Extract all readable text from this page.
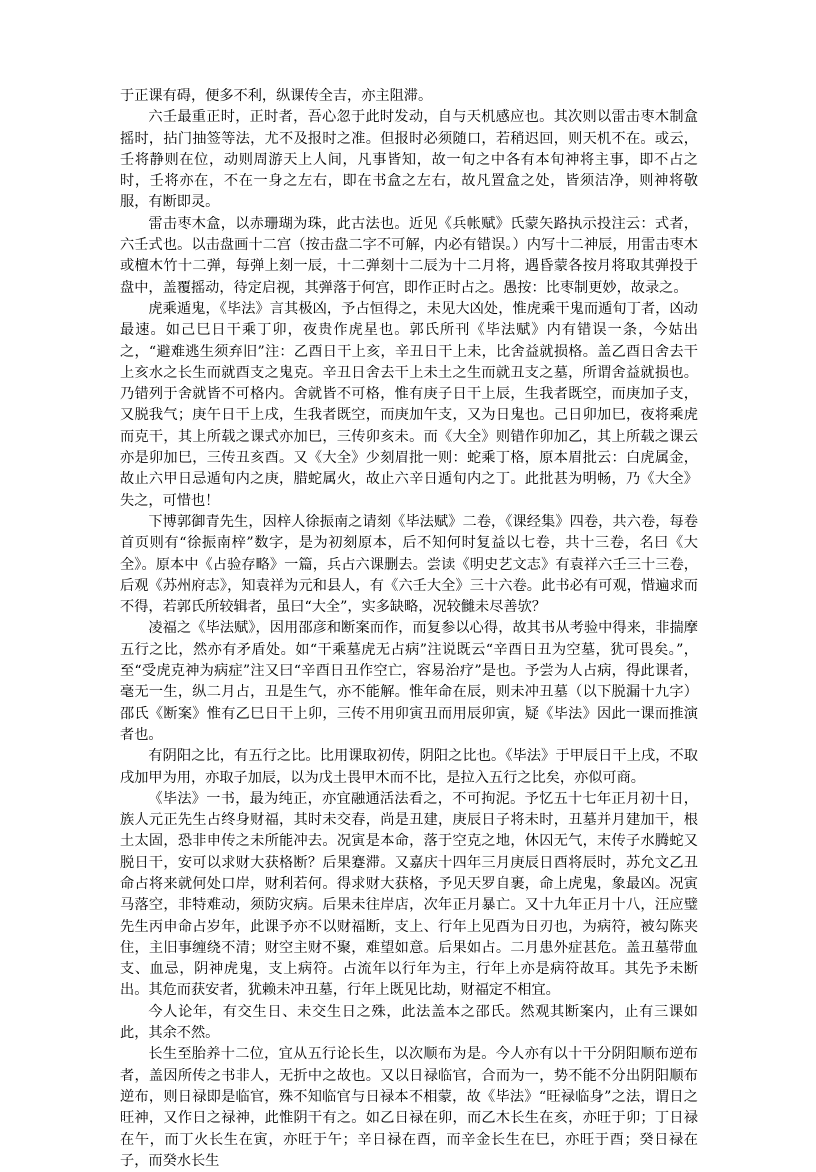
于正课有碍，便多不利，纵课传全吉，亦主阻滞。

六壬最重正时，正时者，吾心忽于此时发动，自与天机感应也。其次则以雷击枣木制盒摇时，拈门抽签等法，尤不及报时之准。但报时必须随口，若稍迟回，则天机不在。或云，壬将静则在位，动则周游天上人间，凡事皆知，故一旬之中各有本旬神将主事，即不占之时，壬将亦在，不在一身之左右，即在书盒之左右，故凡置盒之处，皆须洁净，则神将敬服，有断即灵。

雷击枣木盒，以赤珊瑚为珠，此古法也。近见《兵帐赋》氏蒙矢路执示投注云：式者，六壬式也。以击盘画十二宫（按击盘二字不可解，内必有错误。）内写十二神辰，用雷击枣木或檀木竹十二弹，每弹上刻一辰，十二弹刻十二辰为十二月将，遇昏蒙各按月将取其弹投于盘中，盖覆摇动，待定启视，其弹落于何宫，即作正时占之。愚按：比枣制更妙，故录之。

虎乘遁鬼，《毕法》言其极凶，予占恒得之，未见大凶处，惟虎乘干鬼而遁旬丁者，凶动最速。如己巳日干乘丁卯，夜贵作虎星也。郭氏所刊《毕法赋》内有错误一条，今姑出之，“避难逃生须弃旧”注：乙酉日干上亥，辛丑日干上未，比舍益就损格。盖乙酉日舍去干上亥水之长生而就酉支之鬼克。辛丑日舍去干上未土之生而就丑支之墓，所谓舍益就损也。乃错列于舍就皆不可格内。舍就皆不可格，惟有庚子日干上辰，生我者既空，而庚加子支，又脱我气；庚午日干上戌，生我者既空，而庚加午支，又为日鬼也。己日卯加巳，夜将乘虎而克干，其上所载之课式亦加巳，三传卯亥未。而《大全》则错作卯加乙，其上所载之课云亦是卯加巳，三传丑亥酉。又《大全》少刻眉批一则：蛇乘丁格，原本眉批云：白虎属金，故止六甲日忌遁旬内之庚，腊蛇属火，故止六辛日遁旬内之丁。此批甚为明畅，乃《大全》失之，可惜也！

下博郭御青先生，因梓人徐振南之请刻《毕法赋》二卷，《课经集》四卷，共六卷，每卷首页则有“徐振南梓”数字，是为初刻原本，后不知何时复益以七卷，共十三卷，名曰《大全》。原本中《占验存略》一篇，兵占六课删去。尝读《明史艺文志》有袁祥六壬三十三卷，后观《苏州府志》，知袁祥为元和县人，有《六壬大全》三十六卷。此书必有可观，惜遍求而不得，若郭氏所较辑者，虽曰“大全”，实多缺略，况较雠未尽善欤？

凌福之《毕法赋》，因用邵彦和断案而作，而复参以心得，故其书从考验中得来，非揣摩五行之比，然亦有矛盾处。如“干乘墓虎无占病”注说既云“辛酉日丑为空墓，犹可畏矣。”，至“受虎克神为病症”注又曰“辛酉日丑作空亡，容易治疗”是也。予尝为人占病，得此课者，毫无一生，纵二月占，丑是生气，亦不能解。惟年命在辰，则未冲丑墓（以下脱漏十九字）邵氏《断案》惟有乙巳日干上卯，三传不用卯寅丑而用辰卯寅，疑《毕法》因此一课而推演者也。

有阴阳之比，有五行之比。比用课取初传，阴阳之比也。《毕法》于甲辰日干上戌，不取戌加甲为用，亦取子加辰，以为戊土畏甲木而不比，是拉入五行之比矣，亦似可商。

《毕法》一书，最为纯正，亦宜融通活法看之，不可拘泥。予忆五十七年正月初十日，族人元正先生占终身财福，其时未交春，尚是丑建，庚辰日子将未时，丑墓并月建加干，根土太固，恐非申传之未所能冲去。况寅是本命，落于空克之地，休囚无气，末传子水腾蛇又脱日干，安可以求财大获格断？后果蹇滞。又嘉庆十四年三月庚辰日酉将辰时，苏允文乙丑命占将来就何处口岸，财利若何。得求财大获格，予见天罗自裹，命上虎鬼，象最凶。况寅马落空，非特难动，须防灾病。后果未往岸店，次年正月暴亡。又十九年正月十八，汪应璧先生丙申命占岁年，此课予亦不以财福断，支上、行年上见酉为日刃也，为病符，被勾陈夹住，主旧事缠绕不清；财空主财不聚，难望如意。后果如占。二月患外症甚危。盖丑墓带血支、血忌，阴神虎鬼，支上病符。占流年以行年为主，行年上亦是病符故耳。其先予未断出。其危而获安者，犹赖未冲丑墓，行年上既见比劫，财福定不相宜。

今人论年，有交生日、未交生日之殊，此法盖本之邵氏。然观其断案内，止有三课如此，其余不然。

长生至胎养十二位，宜从五行论长生，以次顺布为是。今人亦有以十干分阴阳顺布逆布者，盖因所传之书非人，无折中之故也。又以日禄临官，合而为一，势不能不分出阴阳顺布逆布，则日禄即是临官，殊不知临官与日禄本不相蒙，故《毕法》“旺禄临身”之法，谓日之旺神，又作日之禄神，此惟阴干有之。如乙日禄在卯，而乙木长生在亥，亦旺于卯；丁日禄在午，而丁火长生在寅，亦旺于午；辛日禄在酉，而辛金长生在巳，亦旺于酉；癸日禄在子，而癸水长生
